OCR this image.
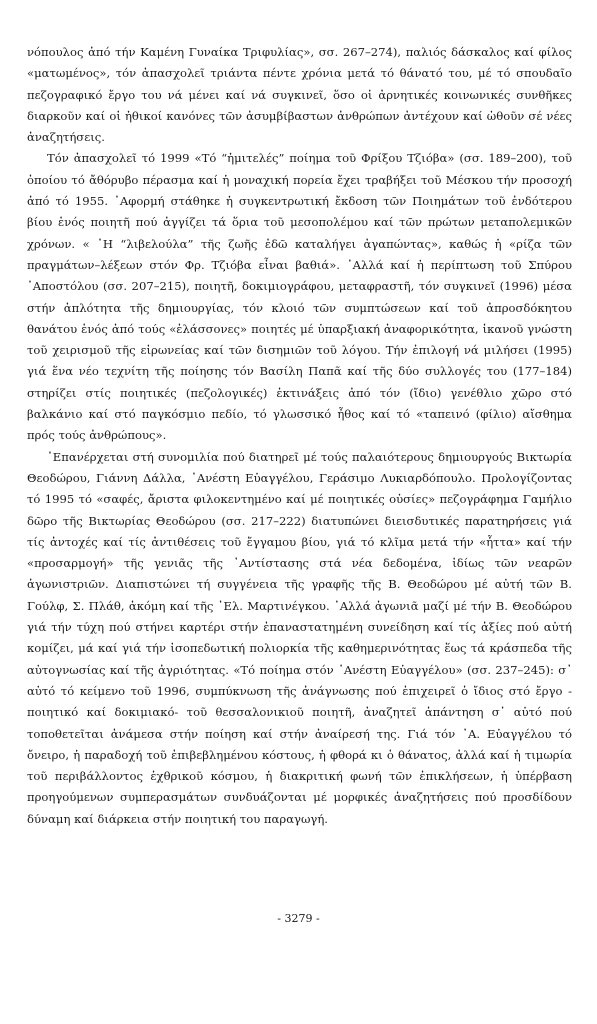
νόπουλος ἀπό τήν Καμένη Γυναίκα Τριφυλίας», σσ. 267–274), παλιός δάσκαλος καί φίλος «ματωμένος», τόν ἀπασχολεῖ τριάντα πέντε χρόνια μετά τό θάνατό του, μέ τό σπουδαῖο πεζογραφικό ἔργο του νά μένει καί νά συγκινεῖ, ὅσο οἱ ἀρνητικές κοινωνικές συνθῆκες διαρκοῦν καί οἱ ἠθικοί κανόνες τῶν ἀσυμβίβαστων ἀνθρώπων ἀντέχουν καί ὠθοῦν σέ νέες ἀναζητήσεις.

Τόν ἀπασχολεῖ τό 1999 «Τό “ἡμιτελές” ποίημα τοῦ Φρίξου Τζιόβα» (σσ. 189–200), τοῦ ὁποίου τό ἄθόρυβο πέρασμα καί ἡ μοναχική πορεία ἔχει τραβήξει τοῦ Μέσκου τήν προσοχή ἀπό τό 1955. ᾿Αφορμή στάθηκε ἡ συγκεντρωτική ἔκδοση τῶν Ποιημάτων τοῦ ἐνδότερου βίου ἑνός ποιητῆ πού ἀγγίζει τά ὅρια τοῦ μεσοπολέμου καί τῶν πρώτων μεταπολεμικῶν χρόνων. « ῾Η “λιβελούλα” τῆς ζωῆς ἐδῶ καταλήγει ἀγαπώντας», καθώς ἡ «ρίζα τῶν πραγμάτων–λέξεων στόν Φρ. Τζιόβα εἶναι βαθιά». ᾿Αλλά καί ἡ περίπτωση τοῦ Σπύρου ᾿Αποστόλου (σσ. 207–215), ποιητῆ, δοκιμιογράφου, μεταφραστῆ, τόν συγκινεῖ (1996) μέσα στήν ἁπλότητα τῆς δημιουργίας, τόν κλοιό τῶν συμπτώσεων καί τοῦ ἀπροσδόκητου θανάτου ἑνός ἀπό τούς «ἐλάσσονες» ποιητές μέ ὑπαρξιακή ἀναφορικότητα, ἱκανοῦ γνώστη τοῦ χειρισμοῦ τῆς εἰρωνείας καί τῶν δισημιῶν τοῦ λόγου. Τήν ἐπιλογή νά μιλήσει (1995) γιά ἕνα νέο τεχνίτη τῆς ποίησης τόν Βασίλη Παπᾶ καί τῆς δύο συλλογές του (177–184) στηρίζει στίς ποιητικές (πεζολογικές) ἐκτινάξεις ἀπό τόν (ἴδιο) γενέθλιο χῶρο στό βαλκάνιο καί στό παγκόσμιο πεδίο, τό γλωσσικό ἦθος καί τό «ταπεινό (φίλιο) αἴσθημα πρός τούς ἀνθρώπους».

᾿Επανέρχεται στή συνομιλία πού διατηρεῖ μέ τούς παλαιότερους δημιουργούς Βικτωρία Θεοδώρου, Γιάννη Δάλλα, ᾿Ανέστη Εὐαγγέλου, Γεράσιμο Λυκιαρδόπουλο. Προλογίζοντας τό 1995 τό «σαφές, ἄριστα φιλοκεντημένο καί μέ ποιητικές οὐσίες» πεζογράφημα Γαμήλιο δῶρο τῆς Βικτωρίας Θεοδώρου (σσ. 217–222) διατυπώνει διεισδυτικές παρατηρήσεις γιά τίς ἀντοχές καί τίς ἀντιθέσεις τοῦ ἔγγαμου βίου, γιά τό κλῖμα μετά τήν «ἧττα» καί τήν «προσαρμογή» τῆς γενιᾶς τῆς ᾿Αντίστασης στά νέα δεδομένα, ἰδίως τῶν νεαρῶν ἀγωνιστριῶν. Διαπιστώνει τή συγγένεια τῆς γραφῆς τῆς Β. Θεοδώρου μέ αὐτή τῶν Β. Γούλφ, Σ. Πλάθ, ἀκόμη καί τῆς ῾Ελ. Μαρτινέγκου. ᾿Αλλά ἀγωνιᾶ μαζί μέ τήν Β. Θεοδώρου γιά τήν τύχη πού στήνει καρτέρι στήν ἐπαναστατημένη συνείδηση καί τίς ἀξίες πού αὐτή κομίζει, μά καί γιά τήν ἰσοπεδωτική πολιορκία τῆς καθημερινότητας ἕως τά κράσπεδα τῆς αὐτογνωσίας καί τῆς ἀγριότητας. «Τό ποίημα στόν ᾿Ανέστη Εὐαγγέλου» (σσ. 237–245): σ᾿ αὐτό τό κείμενο τοῦ 1996, συμπύκνωση τῆς ἀνάγνωσης πού ἐπιχειρεῖ ὁ ἴδιος στό ἔργο - ποιητικό καί δοκιμιακό- τοῦ θεσσαλονικιοῦ ποιητῆ, ἀναζητεῖ ἀπάντηση σ᾿ αὐτό πού τοποθετεῖται ἀνάμεσα στήν ποίηση καί στήν ἀναίρεσή της. Γιά τόν ᾿Α. Εὐαγγέλου τό ὄνειρο, ἡ παραδοχή τοῦ ἐπιβεβλημένου κόστους, ἡ φθορά κι ὁ θάνατος, ἀλλά καί ἡ τιμωρία τοῦ περιβάλλοντος ἐχθρικοῦ κόσμου, ἡ διακριτική φωνή τῶν ἐπικλήσεων, ἡ ὑπέρβαση προηγούμενων συμπερασμάτων συνδυάζονται μέ μορφικές ἀναζητήσεις πού προσδίδουν δύναμη καί διάρκεια στήν ποιητική του παραγωγή.

- 3279 -
